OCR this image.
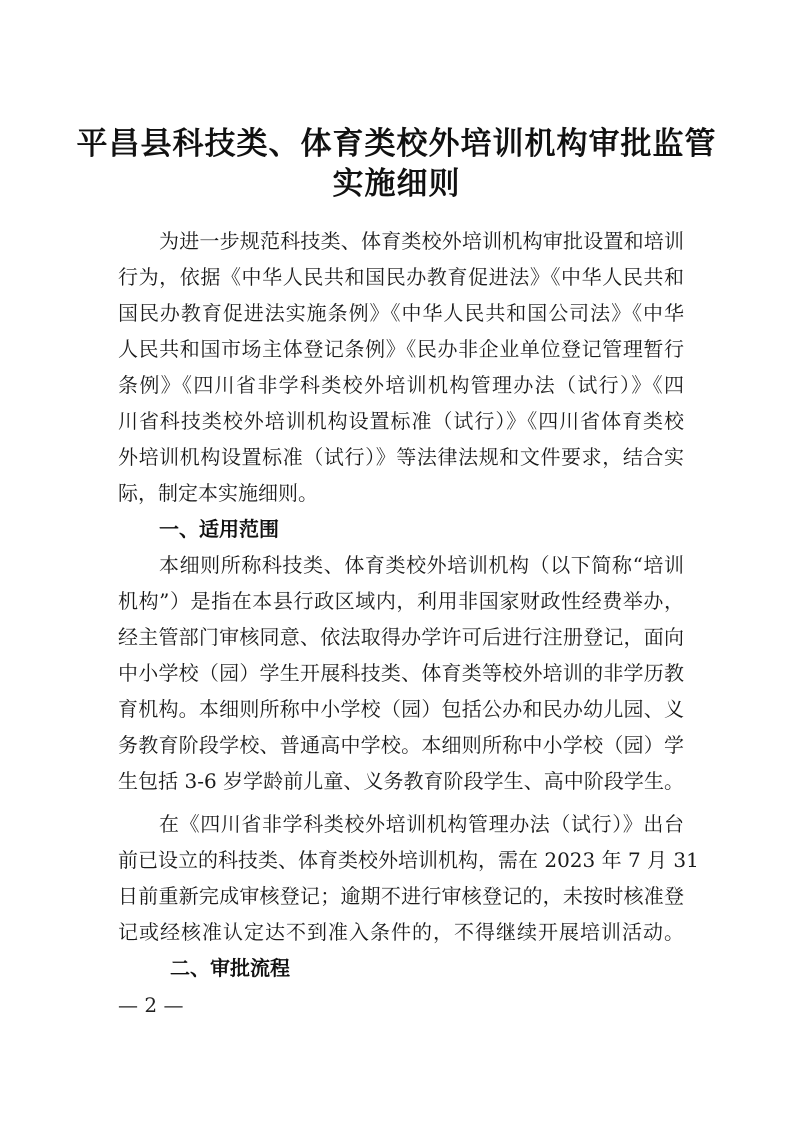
平昌县科技类、体育类校外培训机构审批监管
实施细则
为进一步规范科技类、体育类校外培训机构审批设置和培训
行为，依据《中华人民共和国民办教育促进法》《中华人民共和
国民办教育促进法实施条例》《中华人民共和国公司法》《中华
人民共和国市场主体登记条例》《民办非企业单位登记管理暂行
条例》《四川省非学科类校外培训机构管理办法（试行）》《四
川省科技类校外培训机构设置标准（试行）》《四川省体育类校
外培训机构设置标准（试行）》等法律法规和文件要求，结合实
际，制定本实施细则。
一、适用范围
本细则所称科技类、体育类校外培训机构（以下简称“培训
机构”）是指在本县行政区域内，利用非国家财政性经费举办，
经主管部门审核同意、依法取得办学许可后进行注册登记，面向
中小学校（园）学生开展科技类、体育类等校外培训的非学历教
育机构。本细则所称中小学校（园）包括公办和民办幼儿园、义
务教育阶段学校、普通高中学校。本细则所称中小学校（园）学
生包括 3-6 岁学龄前儿童、义务教育阶段学生、高中阶段学生。
在《四川省非学科类校外培训机构管理办法（试行）》出台
前已设立的科技类、体育类校外培训机构，需在 2023 年 7 月 31
日前重新完成审核登记；逾期不进行审核登记的，未按时核准登
记或经核准认定达不到准入条件的，不得继续开展培训活动。
二、审批流程
— 2 —
